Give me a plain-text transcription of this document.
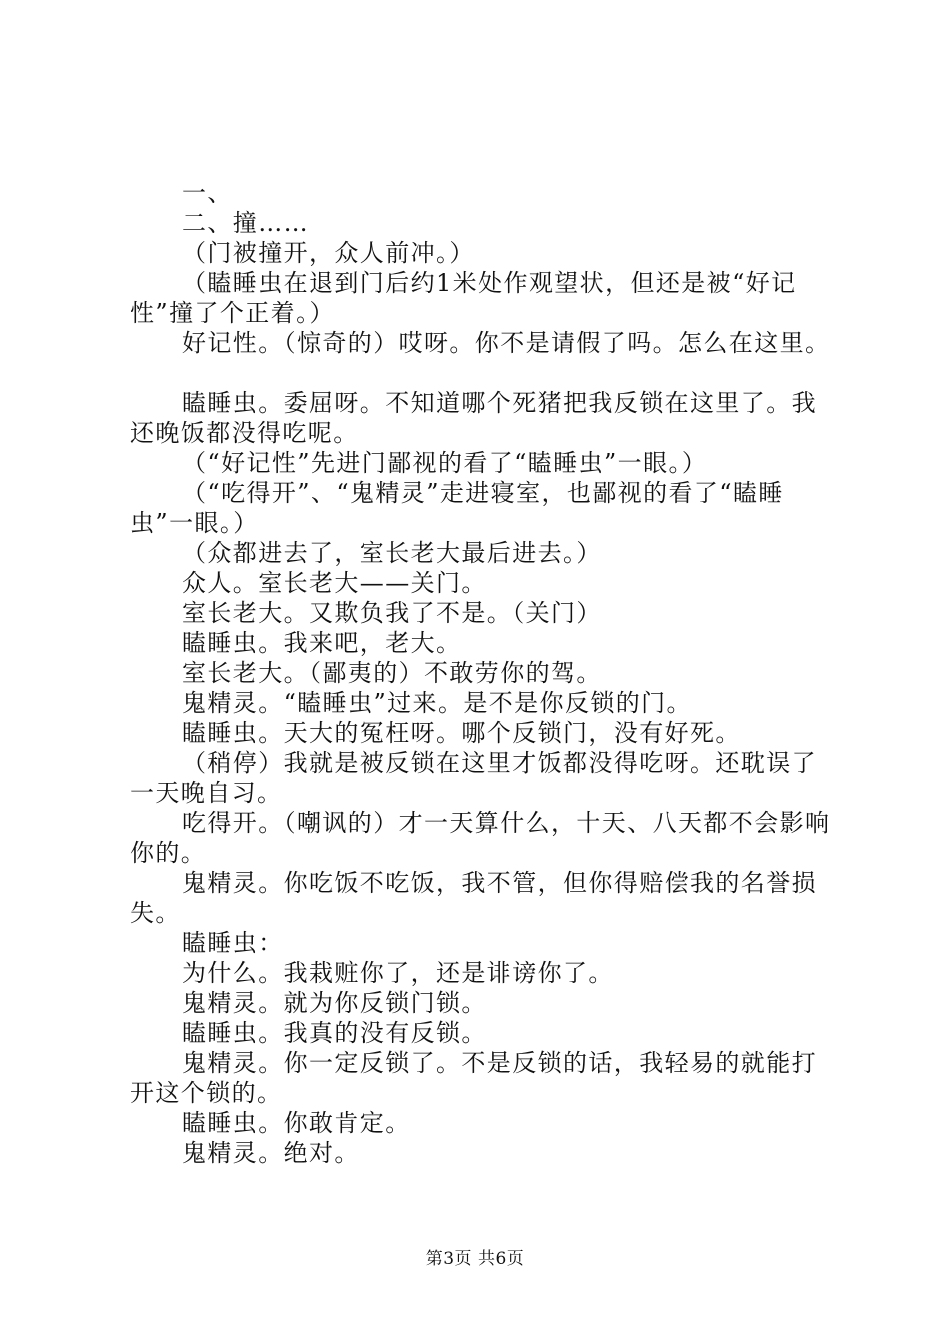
一、

二、撞……

（门被撞开，众人前冲。）

（瞌睡虫在退到门后约1米处作观望状，但还是被“好记性”撞了个正着。）

好记性。（惊奇的）哎呀。你不是请假了吗。怎么在这里。

瞌睡虫。委屈呀。不知道哪个死猪把我反锁在这里了。我还晚饭都没得吃呢。

（“好记性”先进门鄙视的看了“瞌睡虫”一眼。）

（“吃得开”、“鬼精灵”走进寝室，也鄙视的看了“瞌睡虫”一眼。）

（众都进去了，室长老大最后进去。）

众人。室长老大——关门。

室长老大。又欺负我了不是。（关门）

瞌睡虫。我来吧，老大。

室长老大。（鄙夷的）不敢劳你的驾。

鬼精灵。“瞌睡虫”过来。是不是你反锁的门。

瞌睡虫。天大的冤枉呀。哪个反锁门，没有好死。

（稍停）我就是被反锁在这里才饭都没得吃呀。还耽误了一天晚自习。

吃得开。（嘲讽的）才一天算什么，十天、八天都不会影响你的。

鬼精灵。你吃饭不吃饭，我不管，但你得赔偿我的名誉损失。

瞌睡虫：

为什么。我栽赃你了，还是诽谤你了。

鬼精灵。就为你反锁门锁。

瞌睡虫。我真的没有反锁。

鬼精灵。你一定反锁了。不是反锁的话，我轻易的就能打开这个锁的。

瞌睡虫。你敢肯定。

鬼精灵。绝对。

第3页 共6页
